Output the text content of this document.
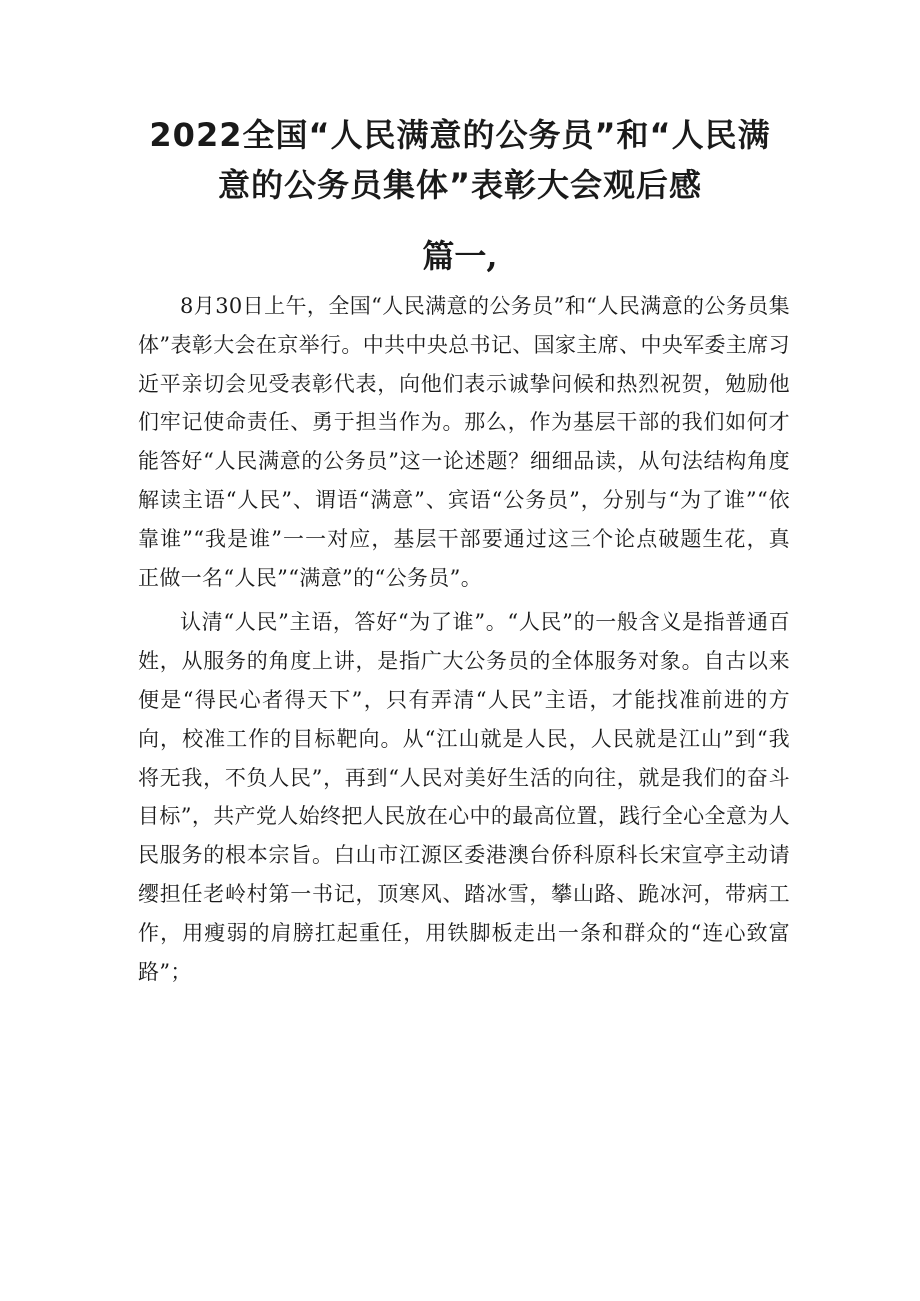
2022全国“人民满意的公务员”和“人民满
意的公务员集体”表彰大会观后感
篇一,

8月30日上午，全国“人民满意的公务员”和“人民满意的公务员集体”表彰大会在京举行。中共中央总书记、国家主席、中央军委主席习近平亲切会见受表彰代表，向他们表示诚挚问候和热烈祝贺，勉励他们牢记使命责任、勇于担当作为。那么，作为基层干部的我们如何才能答好“人民满意的公务员”这一论述题？细细品读，从句法结构角度解读主语“人民”、谓语“满意”、宾语“公务员”，分别与“为了谁”“依靠谁”“我是谁”一一对应，基层干部要通过这三个论点破题生花，真正做一名“人民”“满意”的“公务员”。

认清“人民”主语，答好“为了谁”。“人民”的一般含义是指普通百姓，从服务的角度上讲，是指广大公务员的全体服务对象。自古以来便是“得民心者得天下”，只有弄清“人民”主语，才能找准前进的方向，校准工作的目标靶向。从“江山就是人民，人民就是江山”到“我将无我，不负人民”，再到“人民对美好生活的向往，就是我们的奋斗目标”，共产党人始终把人民放在心中的最高位置，践行全心全意为人民服务的根本宗旨。白山市江源区委港澳台侨科原科长宋宣亭主动请缨担任老岭村第一书记，顶寒风、踏冰雪，攀山路、跪冰河，带病工作，用瘦弱的肩膀扛起重任，用铁脚板走出一条和群众的“连心致富路”；
